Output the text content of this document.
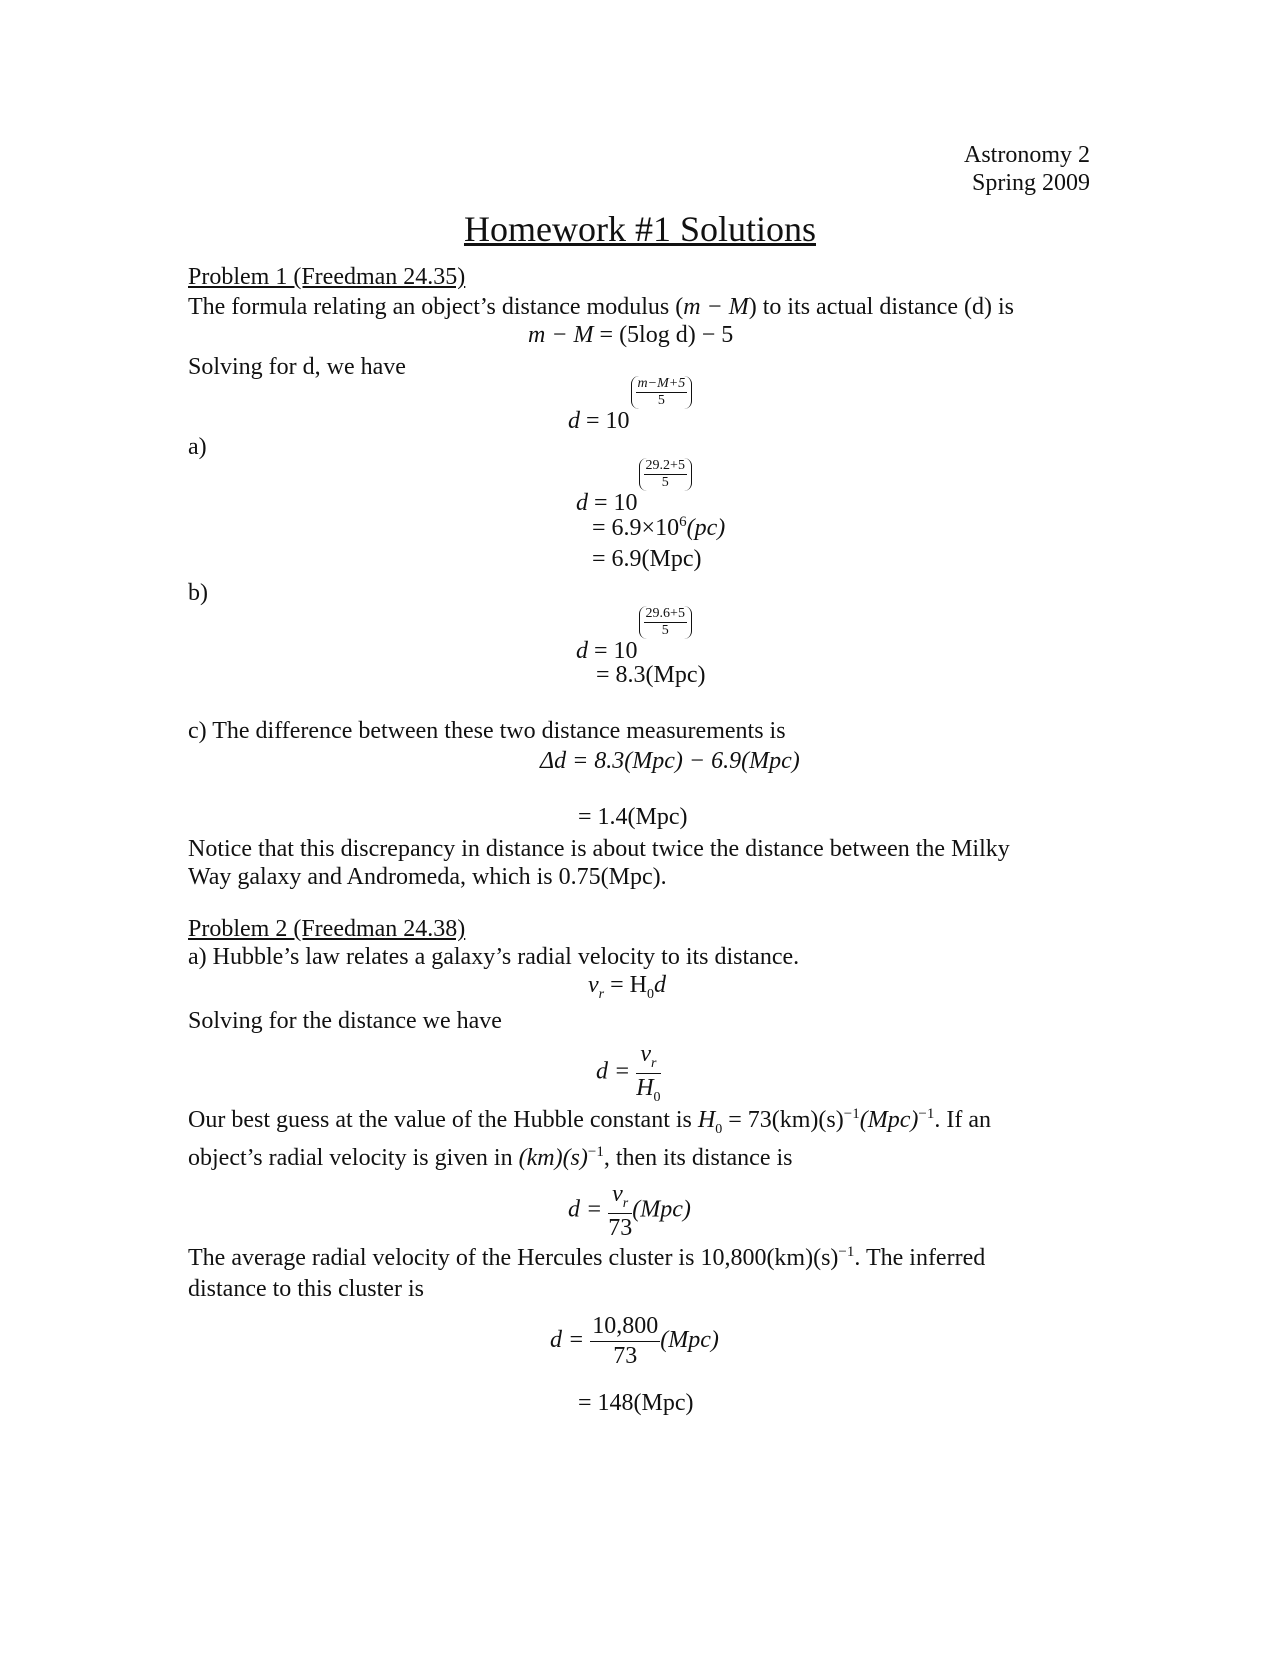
Astronomy 2
Spring 2009
Homework #1 Solutions
Problem 1 (Freedman 24.35)
The formula relating an object’s distance modulus (m − M) to its actual distance (d) is
m − M = (5log d) − 5
Solving for d, we have
d = 10
$\frac{m-M+5}{5}$
a)
d = 10
$\frac{29.2+5}{5}$
= $6.9\times 10^6(pc)$
= 6.9(Mpc)
b)
d = 10
$\frac{29.6+5}{5}$
= 8.3(Mpc)
c) The difference between these two distance measurements is
Δd = 8.3(Mpc) − 6.9(Mpc)
= 1.4(Mpc)
Notice that this discrepancy in distance is about twice the distance between the Milky
Way galaxy and Andromeda, which is 0.75(Mpc).
Problem 2 (Freedman 24.38)
a) Hubble’s law relates a galaxy’s radial velocity to its distance.
$v_r = H_0d$
Solving for the distance we have
$d = \frac{v_r}{H_0}$
Our best guess at the value of the Hubble constant is $H_0 = 73(km)(s)^{-1}(Mpc)^{-1}$. If an
object’s radial velocity is given in $(km)(s)^{-1}$, then its distance is
$d = \frac{v_r}{73} (Mpc)$
The average radial velocity of the Hercules cluster is $10,800(km)(s)^{-1}$. The inferred
distance to this cluster is
$d = \frac{10,800}{73} (Mpc)$
= 148(Mpc)
